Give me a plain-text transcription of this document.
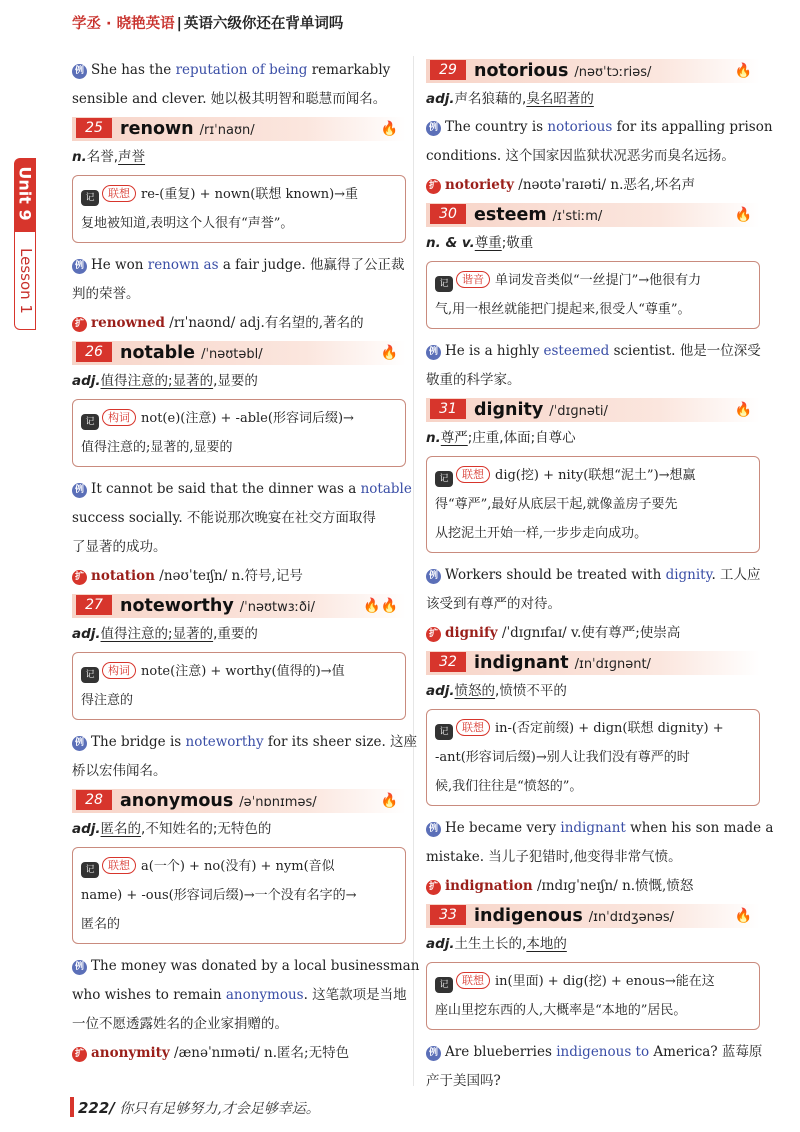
学丞 · 晓艳英语 | 英语六级你还在背单词吗
Unit 9
Lesson 1
例 She has the reputation of being remarkably
sensible and clever. 她以极其明智和聪慧而闻名。
25 renown /rɪˈnaʊn/	🔥
n.名誉,声誉
记 联想 re-(重复) + nown(联想 known)→重
复地被知道,表明这个人很有“声誉”。
例 He won renown as a fair judge. 他赢得了公正裁
判的荣誉。
扩 renowned /rɪˈnaʊnd/ adj.有名望的,著名的
26 notable /ˈnəʊtəbl/	🔥
adj.值得注意的;显著的,显要的
记 构词 not(e)(注意) + -able(形容词后缀)→
值得注意的;显著的,显要的
例 It cannot be said that the dinner was a notable
success socially. 不能说那次晚宴在社交方面取得
了显著的成功。
扩 notation /nəʊˈteɪʃn/ n.符号,记号
27 noteworthy /ˈnəʊtwɜːði/	🔥🔥
adj.值得注意的;显著的,重要的
记 构词 note(注意) + worthy(值得的)→值
得注意的
例 The bridge is noteworthy for its sheer size. 这座
桥以宏伟闻名。
28 anonymous /əˈnɒnɪməs/	🔥
adj.匿名的,不知姓名的;无特色的
记 联想 a(一个) + no(没有) + nym(音似
name) + -ous(形容词后缀)→一个没有名字的→
匿名的
例 The money was donated by a local businessman
who wishes to remain anonymous. 这笔款项是当地
一位不愿透露姓名的企业家捐赠的。
扩 anonymity /ænəˈnɪməti/ n.匿名;无特色
29 notorious /nəʊˈtɔːriəs/	🔥
adj.声名狼藉的,臭名昭著的
例 The country is notorious for its appalling prison
conditions. 这个国家因监狱状况恶劣而臭名远扬。
扩 notoriety /nəʊtəˈraɪəti/ n.恶名,坏名声
30 esteem /ɪˈstiːm/	🔥
n. & v.尊重;敬重
记 谐音 单词发音类似“一丝提门”→他很有力
气,用一根丝就能把门提起来,很受人“尊重”。
例 He is a highly esteemed scientist. 他是一位深受
敬重的科学家。
31 dignity /ˈdɪɡnəti/	🔥
n.尊严;庄重,体面;自尊心
记 联想 dig(挖) + nity(联想“泥土”)→想赢
得“尊严”,最好从底层干起,就像盖房子要先
从挖泥土开始一样,一步步走向成功。
例 Workers should be treated with dignity. 工人应
该受到有尊严的对待。
扩 dignify /ˈdɪɡnɪfaɪ/ v.使有尊严;使崇高
32 indignant /ɪnˈdɪɡnənt/
adj.愤怒的,愤愤不平的
记 联想 in-(否定前缀) + dign(联想 dignity) +
-ant(形容词后缀)→别人让我们没有尊严的时
候,我们往往是“愤怒的”。
例 He became very indignant when his son made a
mistake. 当儿子犯错时,他变得非常气愤。
扩 indignation /ɪndɪɡˈneɪʃn/ n.愤慨,愤怒
33 indigenous /ɪnˈdɪdʒənəs/	🔥
adj.土生土长的,本地的
记 联想 in(里面) + dig(挖) + enous→能在这
座山里挖东西的人,大概率是“本地的”居民。
例 Are blueberries indigenous to America? 蓝莓原
产于美国吗?
222/ 你只有足够努力,才会足够幸运。
